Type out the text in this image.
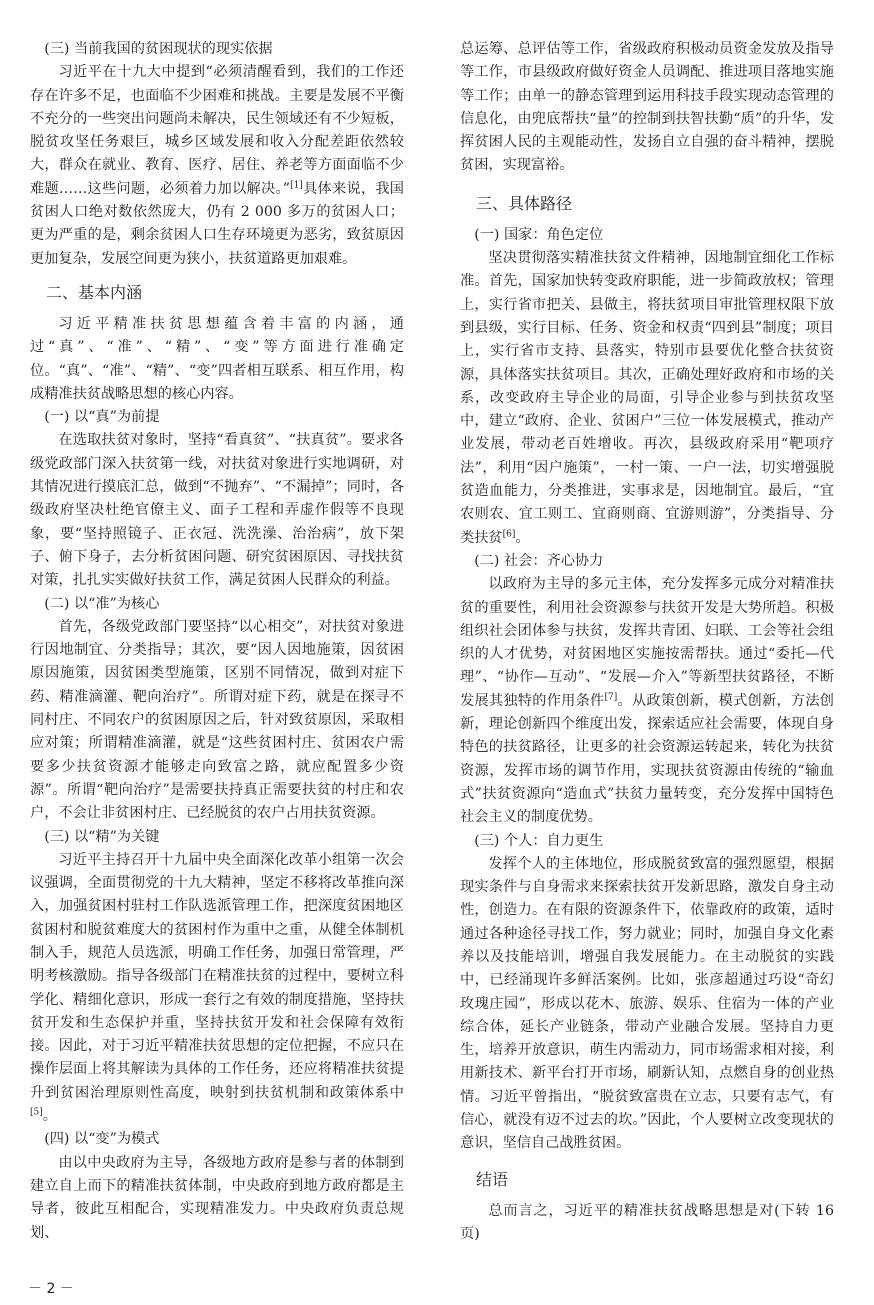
(三) 当前我国的贫困现状的现实依据

习近平在十九大中提到“必须清醒看到，我们的工作还存在许多不足，也面临不少困难和挑战。主要是发展不平衡不充分的一些突出问题尚未解决，民生领域还有不少短板，脱贫攻坚任务艰巨，城乡区域发展和收入分配差距依然较大，群众在就业、教育、医疗、居住、养老等方面面临不少难题……这些问题，必须着力加以解决。”[1]具体来说，我国贫困人口绝对数依然庞大，仍有 2 000 多万的贫困人口；更为严重的是，剩余贫困人口生存环境更为恶劣，致贫原因更加复杂，发展空间更为狭小，扶贫道路更加艰难。

二、基本内涵

习近平精准扶贫思想蕴含着丰富的内涵，通过“真”、“准”、“精”、“变”等方面进行准确定位。“真”、“准”、“精”、“变”四者相互联系、相互作用，构成精准扶贫战略思想的核心内容。

(一) 以“真”为前提

在选取扶贫对象时，坚持“看真贫”、“扶真贫”。要求各级党政部门深入扶贫第一线，对扶贫对象进行实地调研，对其情况进行摸底汇总，做到“不抛弃”、“不漏掉”；同时，各级政府坚决杜绝官僚主义、面子工程和弄虚作假等不良现象，要“坚持照镜子、正衣冠、洗洗澡、治治病”，放下架子、俯下身子，去分析贫困问题、研究贫困原因、寻找扶贫对策，扎扎实实做好扶贫工作，满足贫困人民群众的利益。

(二) 以“准”为核心

首先，各级党政部门要坚持“以心相交”，对扶贫对象进行因地制宜、分类指导；其次，要“因人因地施策，因贫困原因施策，因贫困类型施策，区别不同情况，做到对症下药、精准滴灌、靶向治疗”。所谓对症下药，就是在探寻不同村庄、不同农户的贫困原因之后，针对致贫原因，采取相应对策；所谓精准滴灌，就是“这些贫困村庄、贫困农户需要多少扶贫资源才能够走向致富之路，就应配置多少资源”。所谓“靶向治疗”是需要扶持真正需要扶贫的村庄和农户，不会让非贫困村庄、已经脱贫的农户占用扶贫资源。

(三) 以“精”为关键

习近平主持召开十九届中央全面深化改革小组第一次会议强调，全面贯彻党的十九大精神，坚定不移将改革推向深入，加强贫困村驻村工作队选派管理工作，把深度贫困地区贫困村和脱贫难度大的贫困村作为重中之重，从健全体制机制入手，规范人员选派，明确工作任务，加强日常管理，严明考核激励。指导各级部门在精准扶贫的过程中，要树立科学化、精细化意识，形成一套行之有效的制度措施，坚持扶贫开发和生态保护并重，坚持扶贫开发和社会保障有效衔接。因此，对于习近平精准扶贫思想的定位把握，不应只在操作层面上将其解读为具体的工作任务，还应将精准扶贫提升到贫困治理原则性高度，映射到扶贫机制和政策体系中[5]。

(四) 以“变”为模式

由以中央政府为主导，各级地方政府是参与者的体制到建立自上而下的精准扶贫体制，中央政府到地方政府都是主导者，彼此互相配合，实现精准发力。中央政府负责总规划、

总运筹、总评估等工作，省级政府积极动员资金发放及指导等工作，市县级政府做好资金人员调配、推进项目落地实施等工作；由单一的静态管理到运用科技手段实现动态管理的信息化，由兜底帮扶“量”的控制到扶智扶勤“质”的升华，发挥贫困人民的主观能动性，发扬自立自强的奋斗精神，摆脱贫困，实现富裕。

三、具体路径

(一) 国家：角色定位

坚决贯彻落实精准扶贫文件精神，因地制宜细化工作标准。首先，国家加快转变政府职能，进一步简政放权；管理上，实行省市把关、县做主，将扶贫项目审批管理权限下放到县级，实行目标、任务、资金和权责“四到县”制度；项目上，实行省市支持、县落实，特别市县要优化整合扶贫资源，具体落实扶贫项目。其次，正确处理好政府和市场的关系，改变政府主导企业的局面，引导企业参与到扶贫攻坚中，建立“政府、企业、贫困户”三位一体发展模式，推动产业发展，带动老百姓增收。再次，县级政府采用“靶项疗法”，利用“因户施策”，一村一策、一户一法，切实增强脱贫造血能力，分类推进，实事求是，因地制宜。最后，“宜农则农、宜工则工、宜商则商、宜游则游”，分类指导、分类扶贫[6]。

(二) 社会：齐心协力

以政府为主导的多元主体，充分发挥多元成分对精准扶贫的重要性，利用社会资源参与扶贫开发是大势所趋。积极组织社会团体参与扶贫，发挥共青团、妇联、工会等社会组织的人才优势，对贫困地区实施按需帮扶。通过“委托—代理”、“协作—互动”、“发展—介入”等新型扶贫路径，不断发展其独特的作用条件[7]。从政策创新，模式创新，方法创新，理论创新四个维度出发，探索适应社会需要，体现自身特色的扶贫路径，让更多的社会资源运转起来，转化为扶贫资源，发挥市场的调节作用，实现扶贫资源由传统的“输血式”扶贫资源向“造血式”扶贫力量转变，充分发挥中国特色社会主义的制度优势。

(三) 个人：自力更生

发挥个人的主体地位，形成脱贫致富的强烈愿望，根据现实条件与自身需求来探索扶贫开发新思路，激发自身主动性，创造力。在有限的资源条件下，依靠政府的政策，适时通过各种途径寻找工作，努力就业；同时，加强自身文化素养以及技能培训，增强自我发展能力。在主动脱贫的实践中，已经涌现许多鲜活案例。比如，张彦超通过巧设“奇幻玫瑰庄园”，形成以花木、旅游、娱乐、住宿为一体的产业综合体，延长产业链条，带动产业融合发展。坚持自力更生，培养开放意识，萌生内需动力，同市场需求相对接，利用新技术、新平台打开市场，刷新认知，点燃自身的创业热情。习近平曾指出，“脱贫致富贵在立志，只要有志气，有信心，就没有迈不过去的坎。”因此，个人要树立改变现状的意识，坚信自己战胜贫困。

结语

总而言之，习近平的精准扶贫战略思想是对(下转 16页)

－ 2 －
